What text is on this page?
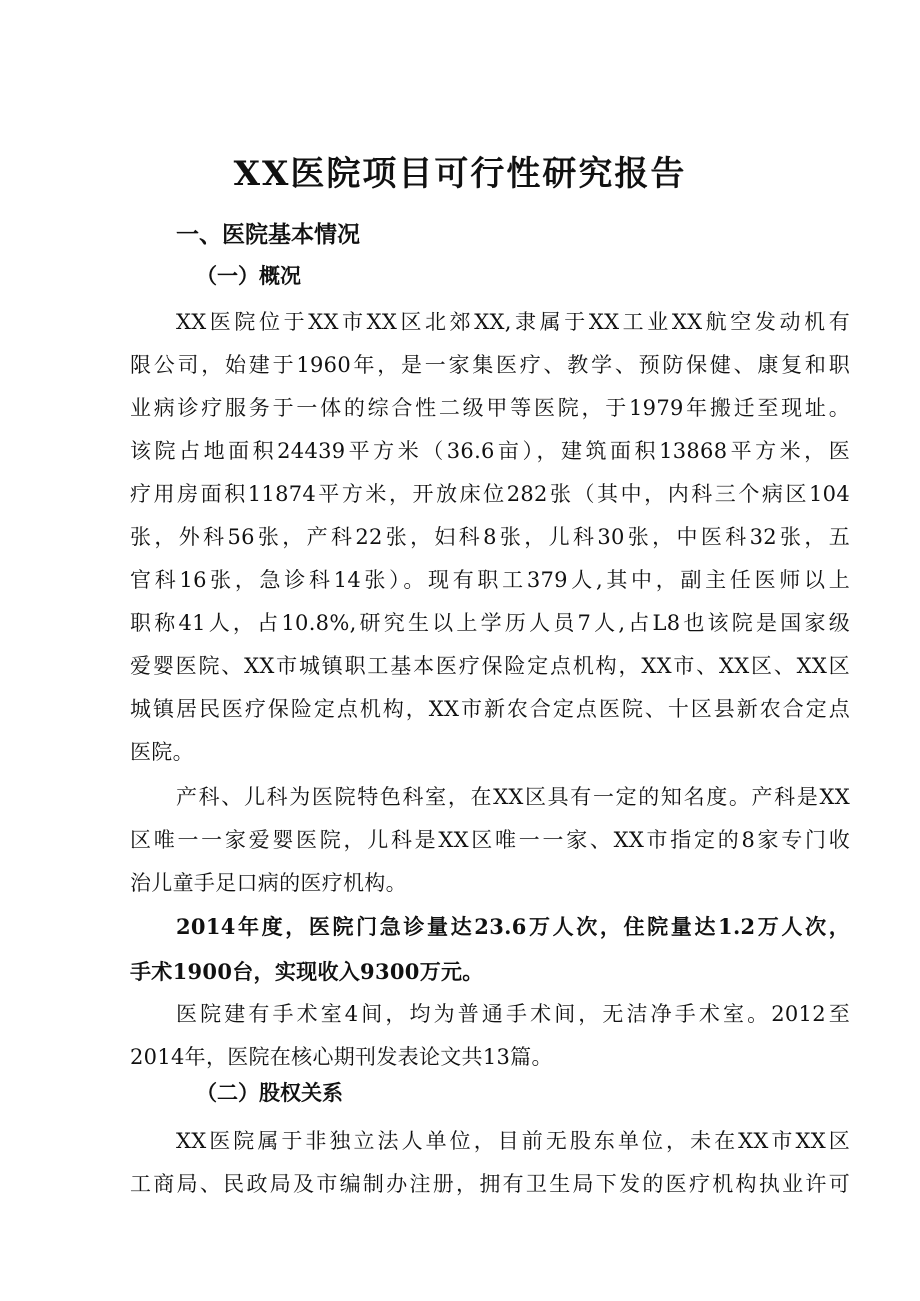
XX医院项目可行性研究报告
一、医院基本情况
（一）概况

XX医院位于XX市XX区北郊XX,隶属于XX工业XX航空发动机有

限公司，始建于1960年，是一家集医疗、教学、预防保健、康复和职

业病诊疗服务于一体的综合性二级甲等医院，于1979年搬迁至现址。

该院占地面积24439平方米（36.6亩），建筑面积13868平方米，医

疗用房面积11874平方米，开放床位282张（其中，内科三个病区104

张，外科56张，产科22张，妇科8张，儿科30张，中医科32张，五

官科16张，急诊科14张）。现有职工379人,其中，副主任医师以上

职称41人，占10.8%,研究生以上学历人员7人,占L8也该院是国家级

爱婴医院、XX市城镇职工基本医疗保险定点机构，XX市、XX区、XX区

城镇居民医疗保险定点机构，XX市新农合定点医院、十区县新农合定点

医院。

产科、儿科为医院特色科室，在XX区具有一定的知名度。产科是XX

区唯一一家爱婴医院，儿科是XX区唯一一家、XX市指定的8家专门收

治儿童手足口病的医疗机构。

2014年度，医院门急诊量达23.6万人次，住院量达1.2万人次，

手术1900台，实现收入9300万元。

医院建有手术室4间，均为普通手术间，无洁净手术室。2012至

2014年，医院在核心期刊发表论文共13篇。

（二）股权关系

XX医院属于非独立法人单位，目前无股东单位，未在XX市XX区

工商局、民政局及市编制办注册，拥有卫生局下发的医疗机构执业许可
